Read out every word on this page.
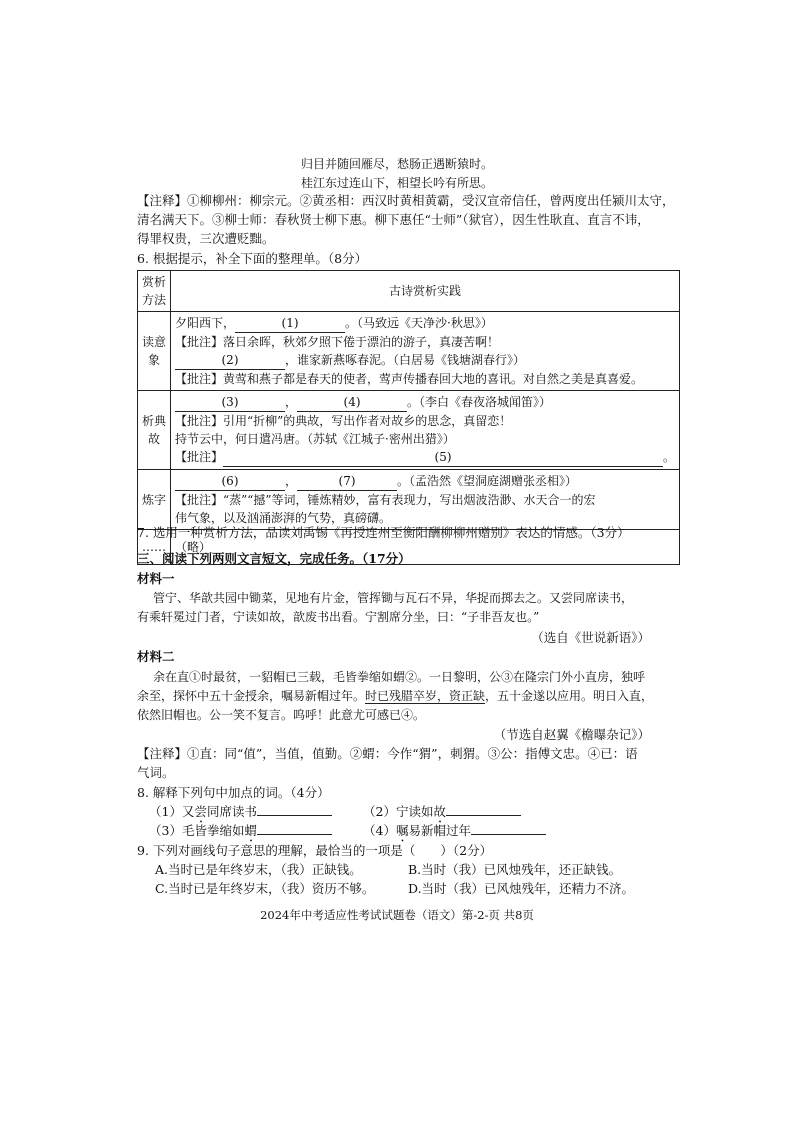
归目并随回雁尽，愁肠正遇断猿时。
桂江东过连山下，相望长吟有所思。
【注释】①柳柳州：柳宗元。②黄丞相：西汉时黄相黄霸，受汉宣帝信任，曾两度出任颍川太守，
清名满天下。③柳士师：春秋贤士柳下惠。柳下惠任“士师”（狱官），因生性耿直、直言不讳，
得罪权贵，三次遭贬黜。
6. 根据提示，补全下面的整理单。（8分）
赏析方法	古诗赏析实践
读意象	夕阳西下， (1) 。（马致远《天净沙·秋思》）
【批注】落日余晖，秋郊夕照下倦于漂泊的游子，真凄苦啊！
(2) ，谁家新燕啄春泥。（白居易《钱塘湖春行》）
【批注】黄莺和燕子都是春天的使者，莺声传播春回大地的喜讯。对自然之美是真喜爱。

析典故	(3) ， (4) 。（李白《春夜洛城闻笛》）
【批注】引用“折柳”的典故，写出作者对故乡的思念，真留恋！
持节云中，何日遣冯唐。（苏轼《江城子·密州出猎》）
【批注】 (5) 。

炼字	(6) ， (7) 。（孟浩然《望洞庭湖赠张丞相》）
【批注】“蒸”“撼”等词，锤炼精妙，富有表现力，写出烟波浩渺、水天合一的宏
伟气象，以及汹涌澎湃的气势，真磅礴。

……	（略）
7. 选用一种赏析方法，品读刘禹锡《再授连州至衡阳酬柳柳州赠别》表达的情感。（3分）
三、阅读下列两则文言短文，完成任务。（17分）
材料一
管宁、华歆共园中锄菜，见地有片金，管挥锄与瓦石不异，华捉而掷去之。又尝同席读书，
有乘轩冕过门者，宁读如故，歆废书出看。宁割席分坐，曰：“子非吾友也。”
（选自《世说新语》）
材料二
余在直①时最贫，一貂帽已三载，毛皆拳缩如蝟②。一日黎明，公③在隆宗门外小直房，独呼
余至，探怀中五十金授余，嘱易新帽过年。时已残腊卒岁，资正缺，五十金遂以应用。明日入直，
依然旧帽也。公一笑不复言。呜呼！此意尤可感已④。
（节选自赵翼《檐曝杂记》）
【注释】①直：同“值”，当值，值勤。②蝟：今作“猬”，刺猬。③公：指傅文忠。④已：语
气词。
8. 解释下列句中加点的词。（4分）
（1）又尝同席读书	（2）宁读如故
（3）毛皆拳缩如蝟	（4）嘱易新帽过年
9. 下列对画线句子意思的理解，最恰当的一项是（　　）（2分）
A.当时已是年终岁末，（我）正缺钱。	B.当时（我）已风烛残年，还正缺钱。
C.当时已是年终岁末，（我）资历不够。	D.当时（我）已风烛残年，还精力不济。
2024年中考适应性考试试题卷（语文）第-2-页 共8页
